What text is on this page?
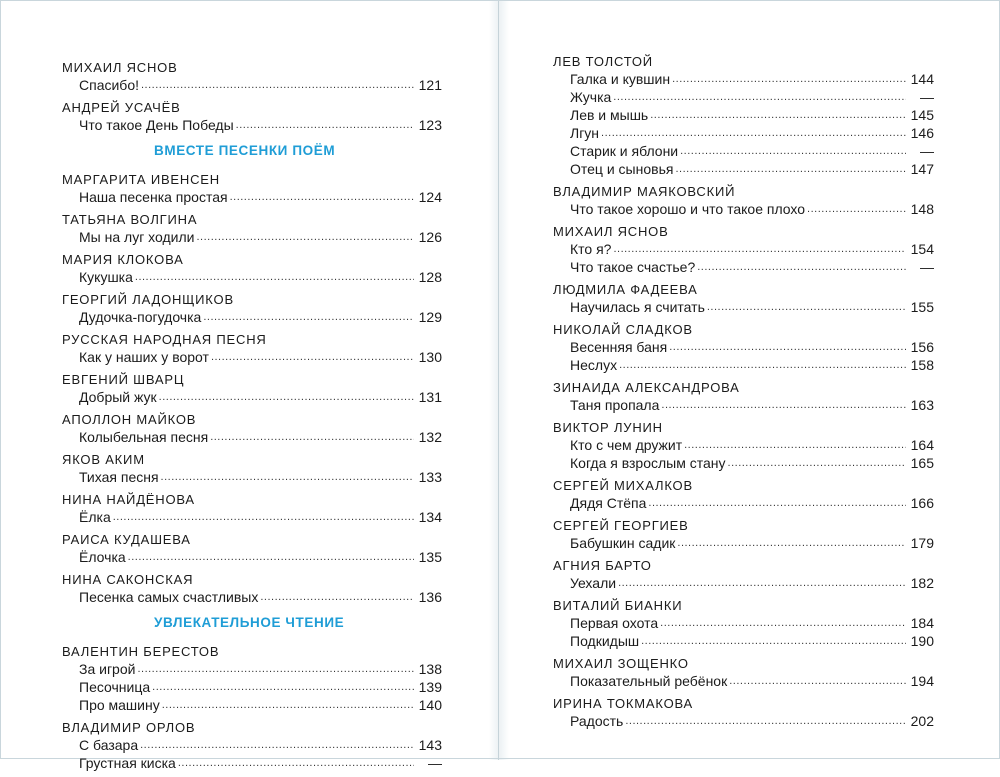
МИХАИЛ ЯСНОВ
Спасибо! .....	121
АНДРЕЙ УСАЧЁВ
Что такое День Победы .....	123
ВМЕСТЕ ПЕСЕНКИ ПОЁМ
МАРГАРИТА ИВЕНСЕН
Наша песенка простая .....	124
ТАТЬЯНА ВОЛГИНА
Мы на луг ходили .....	126
МАРИЯ КЛОКОВА
Кукушка .....	128
ГЕОРГИЙ ЛАДОНЩИКОВ
Дудочка-погудочка .....	129
РУССКАЯ НАРОДНАЯ ПЕСНЯ
Как у наших у ворот .....	130
ЕВГЕНИЙ ШВАРЦ
Добрый жук .....	131
АПОЛЛОН МАЙКОВ
Колыбельная песня .....	132
ЯКОВ АКИМ
Тихая песня .....	133
НИНА НАЙДЁНОВА
Ёлка .....	134
РАИСА КУДАШЕВА
Ёлочка .....	135
НИНА САКОНСКАЯ
Песенка самых счастливых .....	136
УВЛЕКАТЕЛЬНОЕ ЧТЕНИЕ
ВАЛЕНТИН БЕРЕСТОВ
За игрой .....	138
Песочница .....	139
Про машину .....	140
ВЛАДИМИР ОРЛОВ
С базара .....	143
Грустная киска .....	—
ЛЕВ ТОЛСТОЙ
Галка и кувшин .....	144
Жучка .....	—
Лев и мышь .....	145
Лгун .....	146
Старик и яблони .....	—
Отец и сыновья .....	147
ВЛАДИМИР МАЯКОВСКИЙ
Что такое хорошо и что такое плохо .....	148
МИХАИЛ ЯСНОВ
Кто я? .....	154
Что такое счастье? .....	—
ЛЮДМИЛА ФАДЕЕВА
Научилась я считать .....	155
НИКОЛАЙ СЛАДКОВ
Весенняя баня .....	156
Неслух .....	158
ЗИНАИДА АЛЕКСАНДРОВА
Таня пропала .....	163
ВИКТОР ЛУНИН
Кто с чем дружит .....	164
Когда я взрослым стану .....	165
СЕРГЕЙ МИХАЛКОВ
Дядя Стёпа .....	166
СЕРГЕЙ ГЕОРГИЕВ
Бабушкин садик .....	179
АГНИЯ БАРТО
Уехали .....	182
ВИТАЛИЙ БИАНКИ
Первая охота .....	184
Подкидыш .....	190
МИХАИЛ ЗОЩЕНКО
Показательный ребёнок .....	194
ИРИНА ТОКМАКОВА
Радость .....	202
